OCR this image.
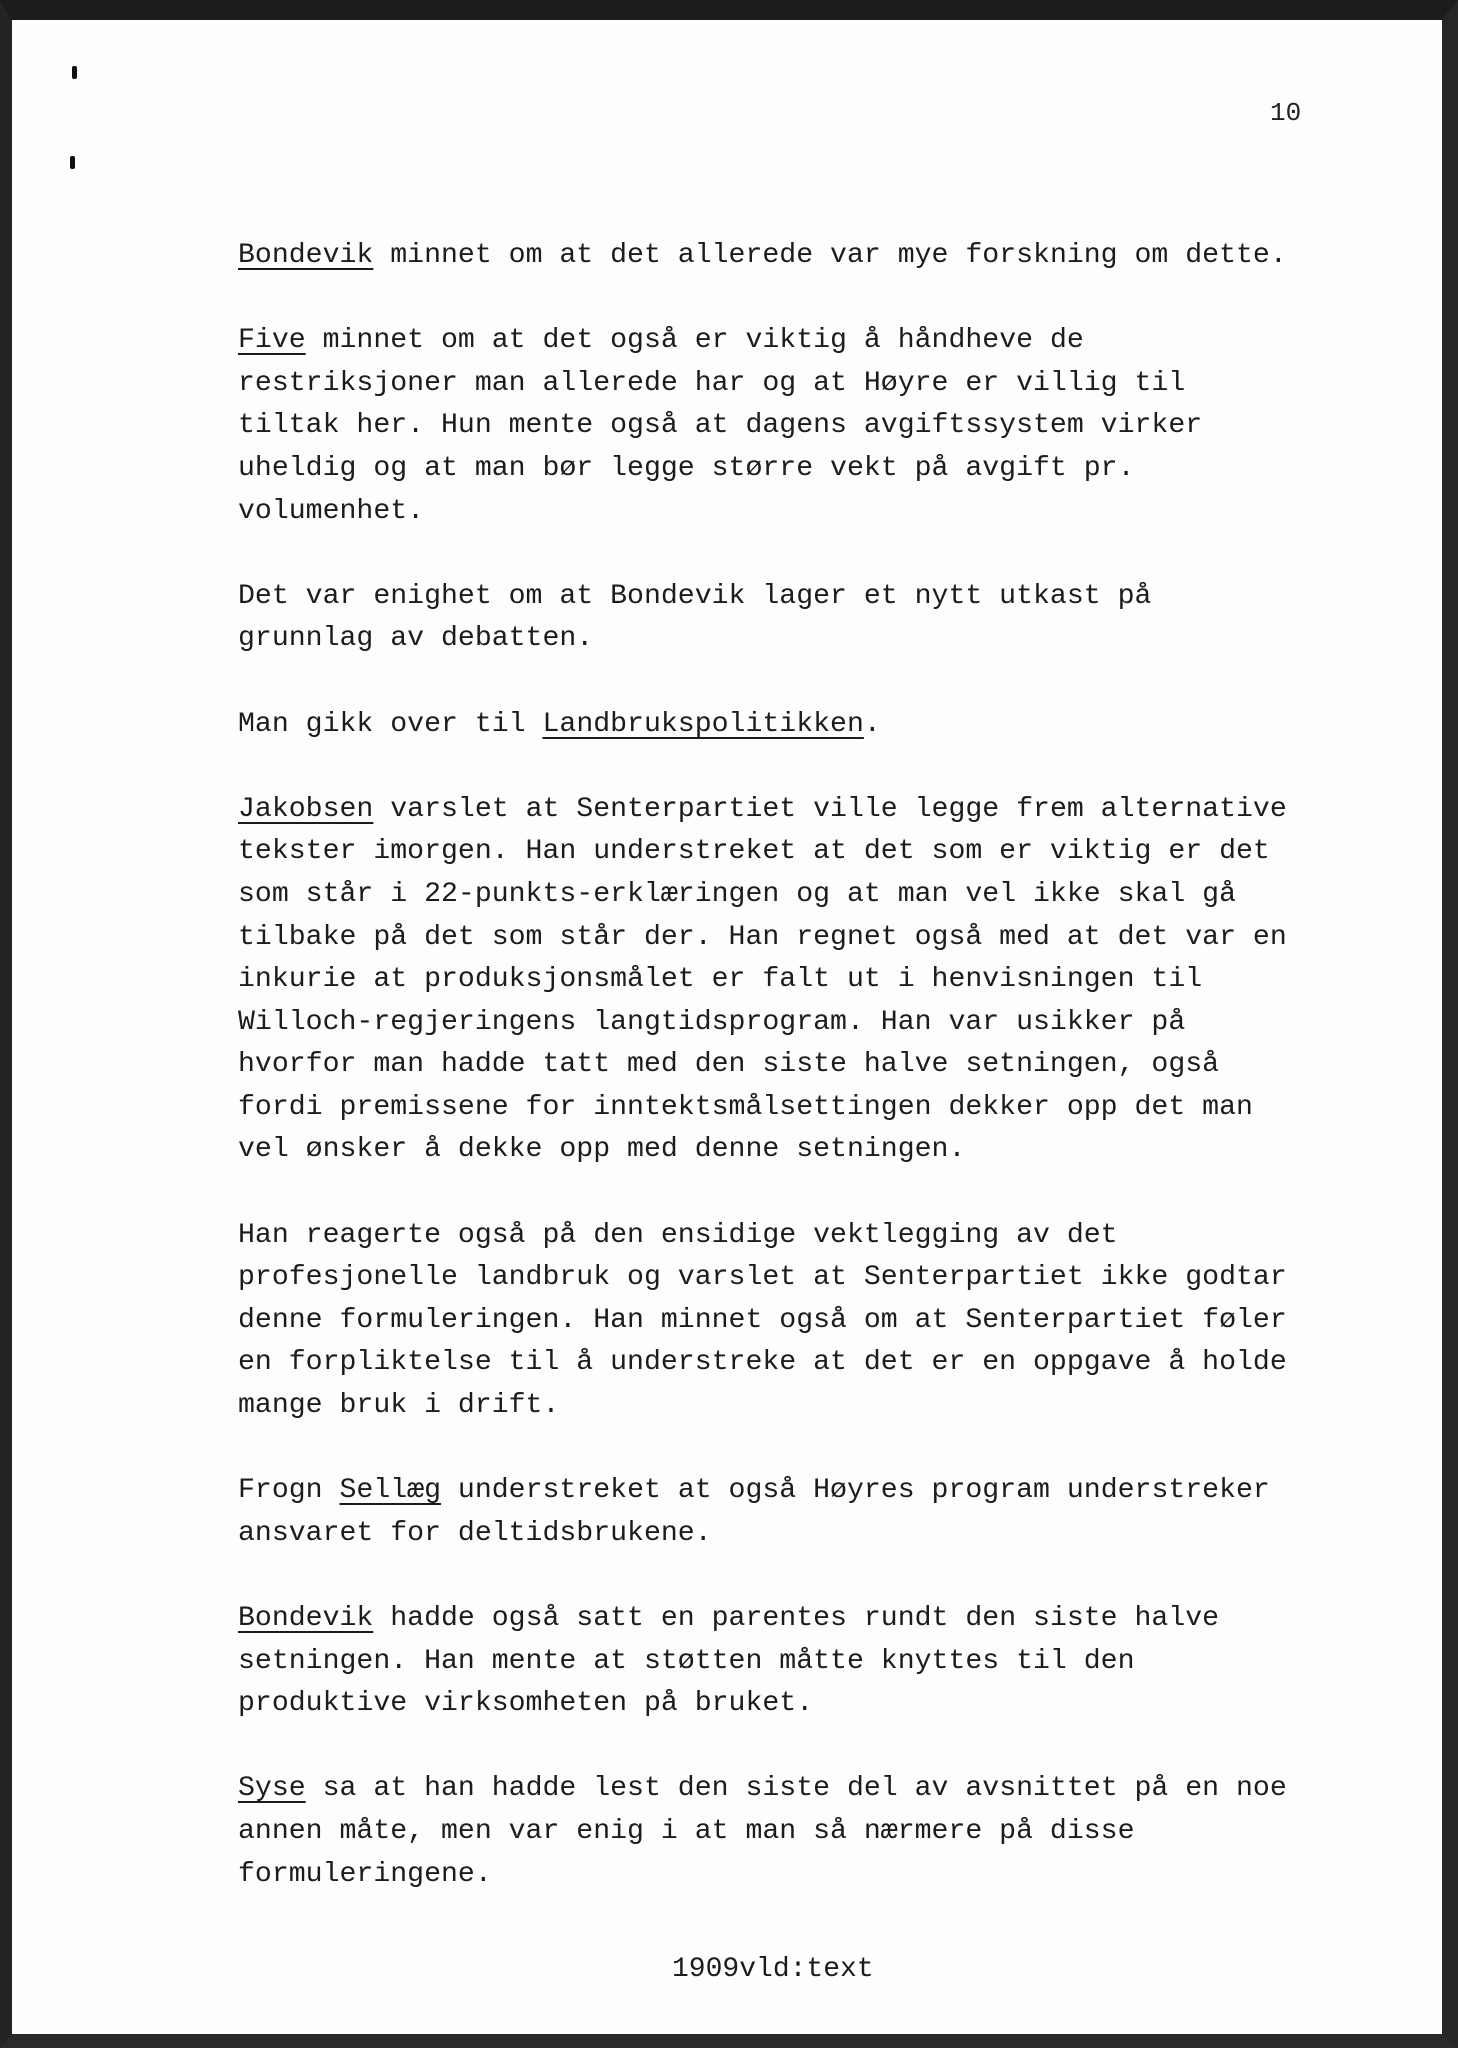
10
Bondevik minnet om at det allerede var mye forskning om dette.
Five minnet om at det også er viktig å håndheve de
restriksjoner man allerede har og at Høyre er villig til
tiltak her. Hun mente også at dagens avgiftssystem virker
uheldig og at man bør legge større vekt på avgift pr.
volumenhet.
Det var enighet om at Bondevik lager et nytt utkast på
grunnlag av debatten.
Man gikk over til Landbrukspolitikken.
Jakobsen varslet at Senterpartiet ville legge frem alternative
tekster imorgen. Han understreket at det som er viktig er det
som står i 22-punkts-erklæringen og at man vel ikke skal gå
tilbake på det som står der. Han regnet også med at det var en
inkurie at produksjonsmålet er falt ut i henvisningen til
Willoch-regjeringens langtidsprogram. Han var usikker på
hvorfor man hadde tatt med den siste halve setningen, også
fordi premissene for inntektsmålsettingen dekker opp det man
vel ønsker å dekke opp med denne setningen.
Han reagerte også på den ensidige vektlegging av det
profesjonelle landbruk og varslet at Senterpartiet ikke godtar
denne formuleringen. Han minnet også om at Senterpartiet føler
en forpliktelse til å understreke at det er en oppgave å holde
mange bruk i drift.
Frogn Sellæg understreket at også Høyres program understreker
ansvaret for deltidsbrukene.
Bondevik hadde også satt en parentes rundt den siste halve
setningen. Han mente at støtten måtte knyttes til den
produktive virksomheten på bruket.
Syse sa at han hadde lest den siste del av avsnittet på en noe
annen måte, men var enig i at man så nærmere på disse
formuleringene.
1909vld:text
